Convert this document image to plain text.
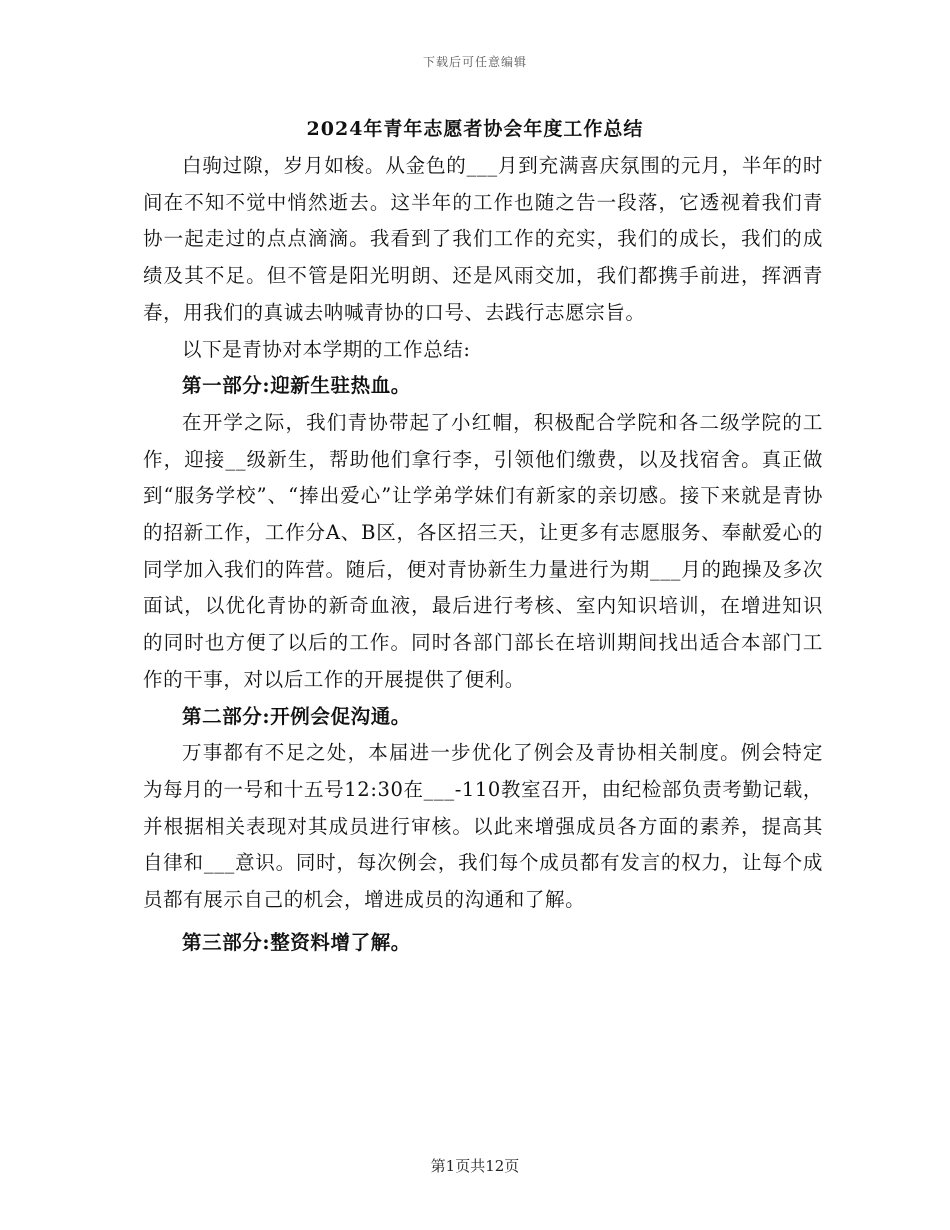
下载后可任意编辑
2024年青年志愿者协会年度工作总结

白驹过隙，岁月如梭。从金色的___月到充满喜庆氛围的元月，半年的时间在不知不觉中悄然逝去。这半年的工作也随之告一段落，它透视着我们青协一起走过的点点滴滴。我看到了我们工作的充实，我们的成长，我们的成绩及其不足。但不管是阳光明朗、还是风雨交加，我们都携手前进，挥洒青春，用我们的真诚去呐喊青协的口号、去践行志愿宗旨。

以下是青协对本学期的工作总结:

第一部分:迎新生驻热血。

在开学之际，我们青协带起了小红帽，积极配合学院和各二级学院的工作，迎接__级新生，帮助他们拿行李，引领他们缴费，以及找宿舍。真正做到“服务学校”、“捧出爱心”让学弟学妹们有新家的亲切感。接下来就是青协的招新工作，工作分A、B区，各区招三天，让更多有志愿服务、奉献爱心的同学加入我们的阵营。随后，便对青协新生力量进行为期___月的跑操及多次面试，以优化青协的新奇血液，最后进行考核、室内知识培训，在增进知识的同时也方便了以后的工作。同时各部门部长在培训期间找出适合本部门工作的干事，对以后工作的开展提供了便利。

第二部分:开例会促沟通。

万事都有不足之处，本届进一步优化了例会及青协相关制度。例会特定为每月的一号和十五号12:30在___-110教室召开，由纪检部负责考勤记载，并根据相关表现对其成员进行审核。以此来增强成员各方面的素养，提高其自律和___意识。同时，每次例会，我们每个成员都有发言的权力，让每个成员都有展示自己的机会，增进成员的沟通和了解。

第三部分:整资料增了解。

第1页共12页
